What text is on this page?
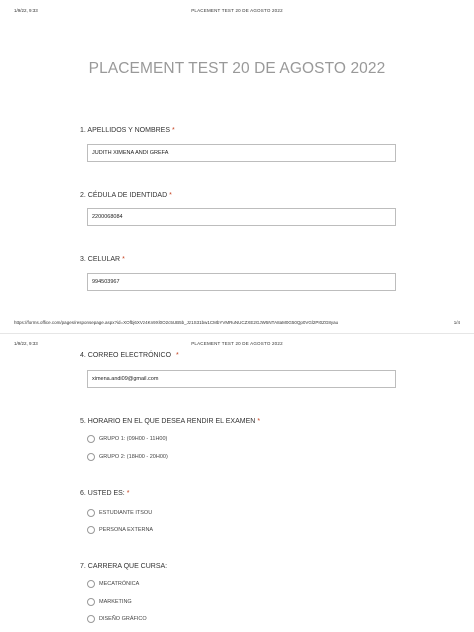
1/9/22, 9:33	PLACEMENT TEST 20 DE AGOSTO 2022
PLACEMENT TEST 20 DE AGOSTO 2022
1. APELLIDOS Y NOMBRES *
JUDITH XIMENA ANDI GREFA
2. CÉDULA DE IDENTIDAD *
2200068084
3. CELULAR *
994503967
https://forms.office.com/pages/responsepage.aspx?id=XOfbj6XVz4Kn9Xl0O2c5UB5b_Jz1S31bw1CMbYVMRuNUCZXE2GJW5NTA8aM0G50Qp0VGl2PI0ZG8yau	1/4
1/9/22, 9:33	PLACEMENT TEST 20 DE AGOSTO 2022
4. CORREO ELECTRÓNICO *
ximena.andi09@gmail.com
5. HORARIO EN EL QUE DESEA RENDIR EL EXAMEN *
GRUPO 1: (09H00 - 11H00)
GRUPO 2: (18H00 - 20H00)
6. USTED ES: *
ESTUDIANTE ITSOU
PERSONA EXTERNA
7. CARRERA QUE CURSA:
MECATRÓNICA
MARKETING
DISEÑO GRÁFICO
